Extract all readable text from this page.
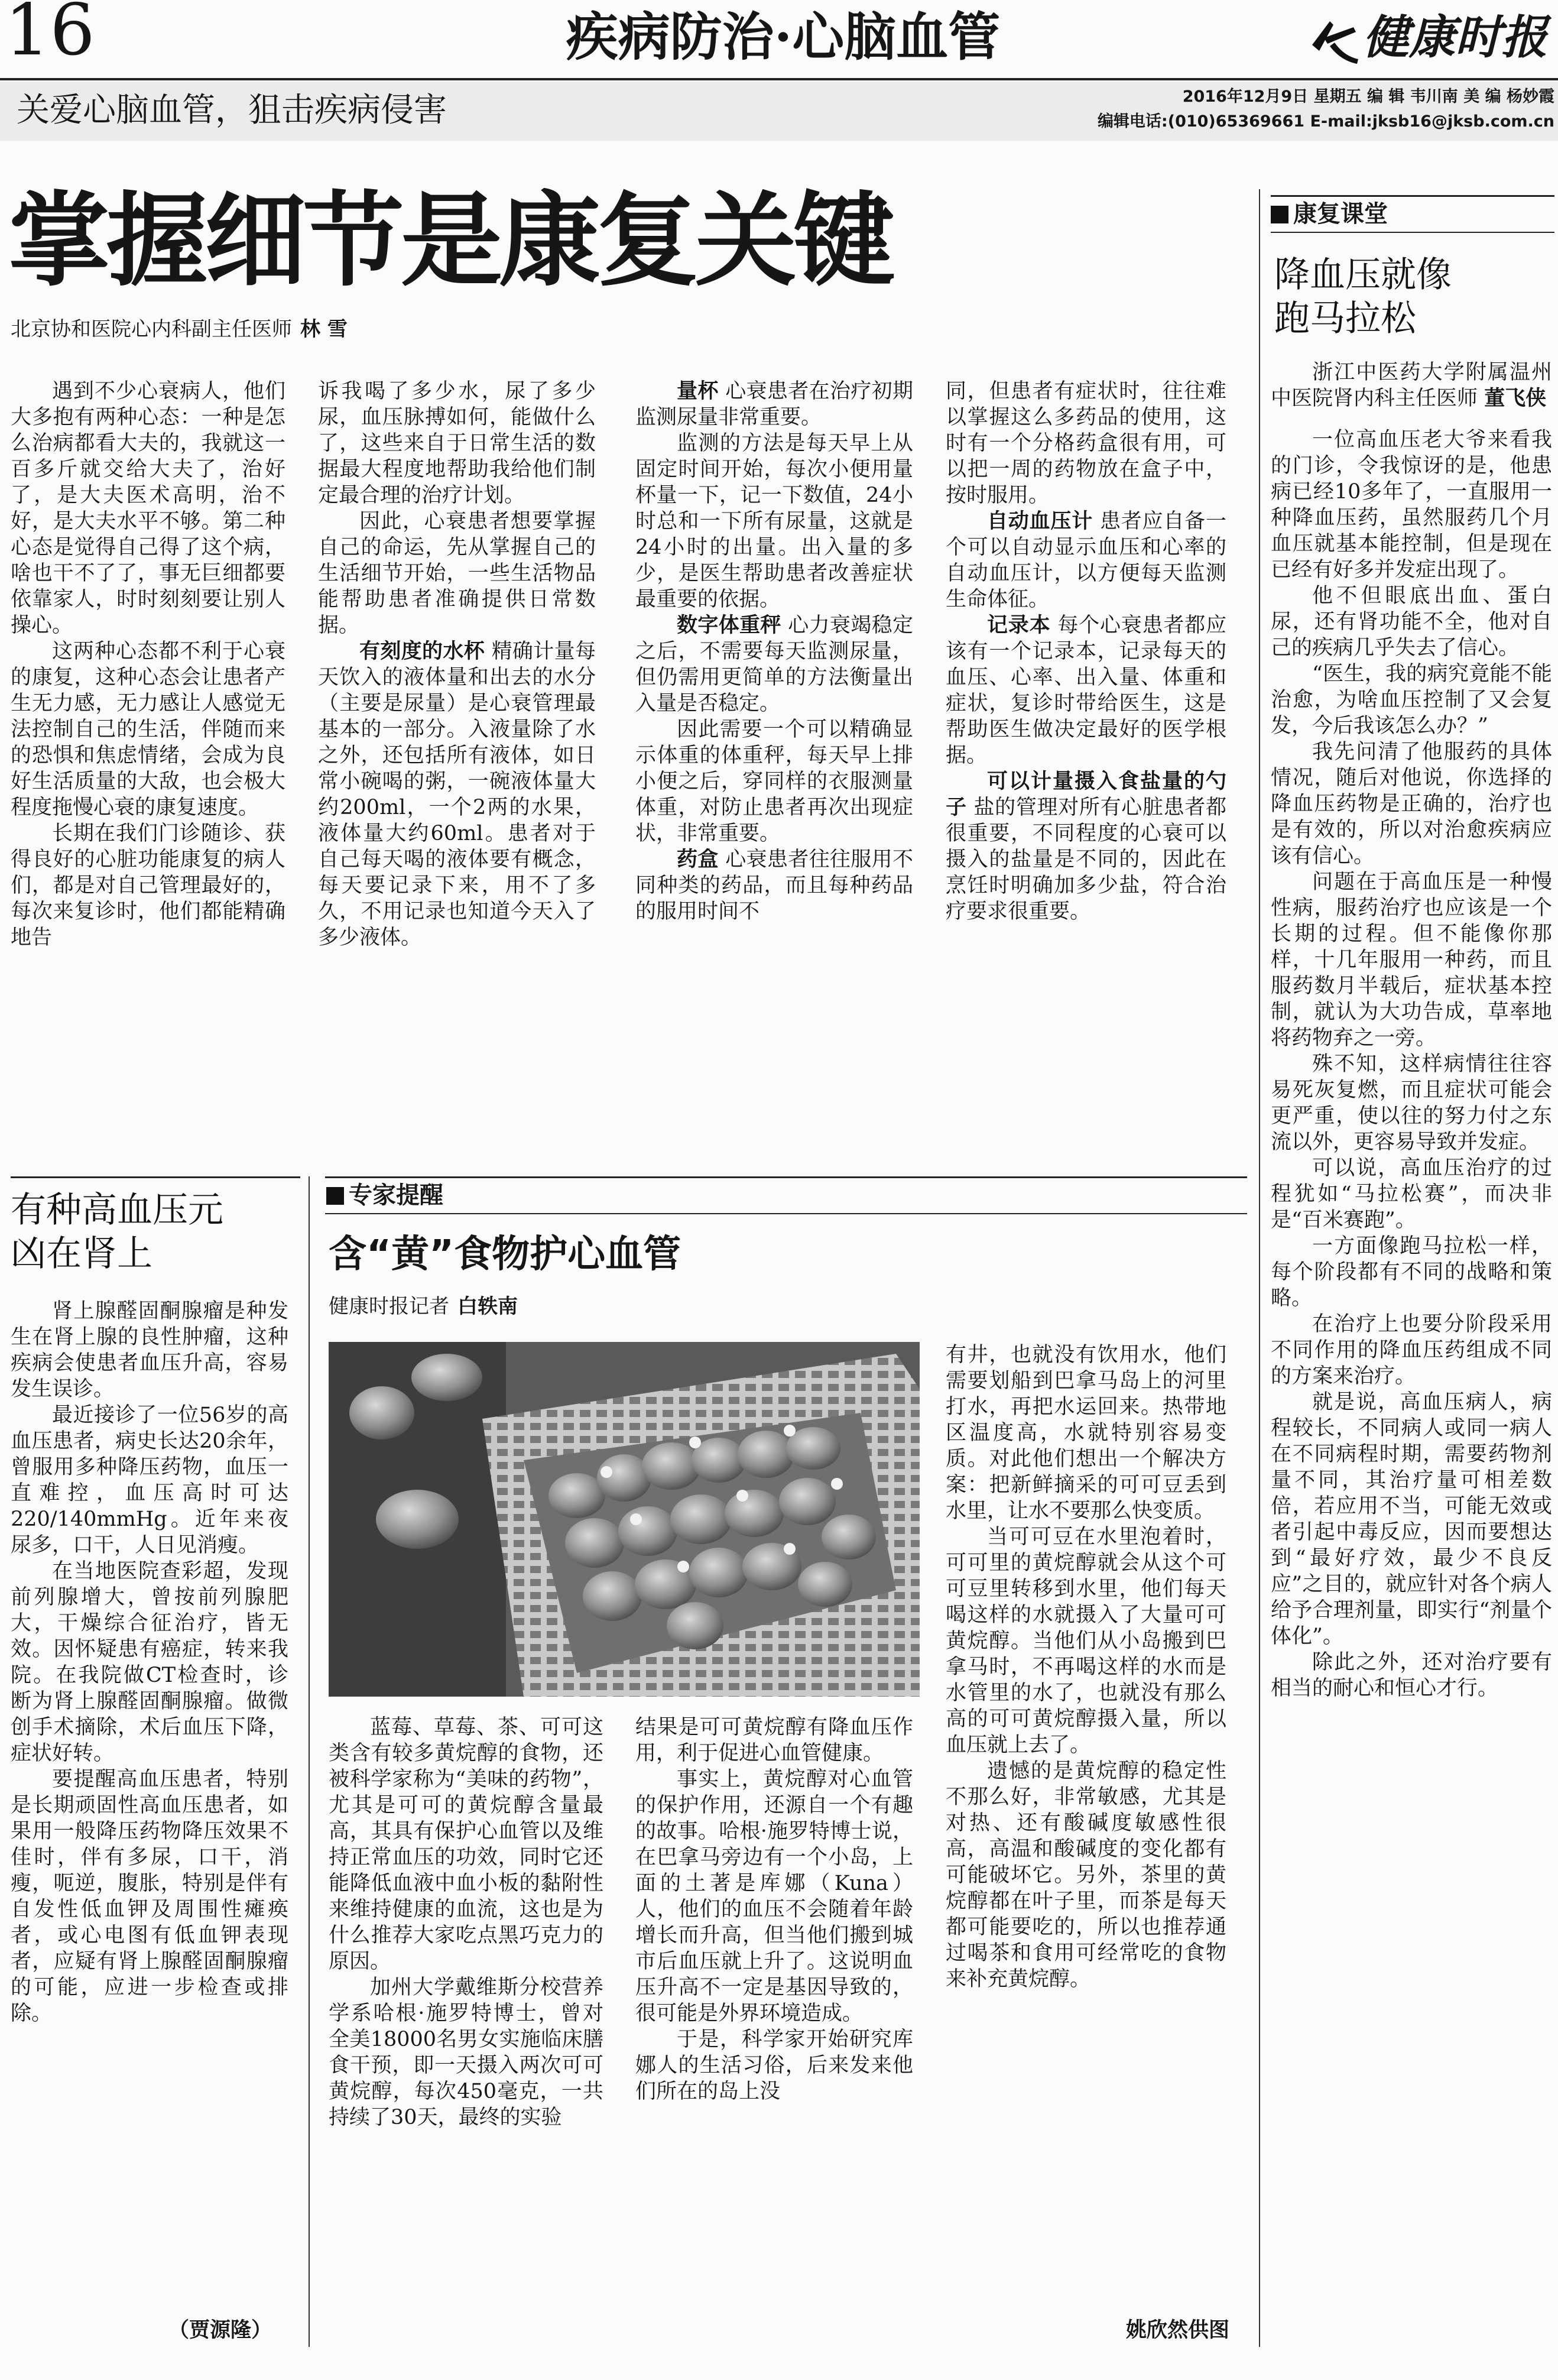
16	疾病防治·心脑血管	健康时报
关爱心脑血管，狙击疾病侵害	2016年12月9日 星期五 编 辑 韦川南 美 编 杨妙霞
编辑电话:(010)65369661 E-mail:jksb16@jksb.com.cn
掌握细节是康复关键
北京协和医院心内科副主任医师 林 雪

遇到不少心衰病人，他们大多抱有两种心态：一种是怎么治病都看大夫的，我就这一百多斤就交给大夫了，治好了，是大夫医术高明，治不好，是大夫水平不够。第二种心态是觉得自己得了这个病，啥也干不了了，事无巨细都要依靠家人，时时刻刻要让别人操心。

这两种心态都不利于心衰的康复，这种心态会让患者产生无力感，无力感让人感觉无法控制自己的生活，伴随而来的恐惧和焦虑情绪，会成为良好生活质量的大敌，也会极大程度拖慢心衰的康复速度。

长期在我们门诊随诊、获得良好的心脏功能康复的病人们，都是对自己管理最好的，每次来复诊时，他们都能精确地告

诉我喝了多少水，尿了多少尿，血压脉搏如何，能做什么了，这些来自于日常生活的数据最大程度地帮助我给他们制定最合理的治疗计划。

因此，心衰患者想要掌握自己的命运，先从掌握自己的生活细节开始，一些生活物品能帮助患者准确提供日常数据。

有刻度的水杯 精确计量每天饮入的液体量和出去的水分（主要是尿量）是心衰管理最基本的一部分。入液量除了水之外，还包括所有液体，如日常小碗喝的粥，一碗液体量大约200ml，一个2两的水果，液体量大约60ml。患者对于自己每天喝的液体要有概念，每天要记录下来，用不了多久，不用记录也知道今天入了多少液体。

量杯 心衰患者在治疗初期监测尿量非常重要。

监测的方法是每天早上从固定时间开始，每次小便用量杯量一下，记一下数值，24小时总和一下所有尿量，这就是24小时的出量。出入量的多少，是医生帮助患者改善症状最重要的依据。

数字体重秤 心力衰竭稳定之后，不需要每天监测尿量，但仍需用更简单的方法衡量出入量是否稳定。

因此需要一个可以精确显示体重的体重秤，每天早上排小便之后，穿同样的衣服测量体重，对防止患者再次出现症状，非常重要。

药盒 心衰患者往往服用不同种类的药品，而且每种药品的服用时间不

同，但患者有症状时，往往难以掌握这么多药品的使用，这时有一个分格药盒很有用，可以把一周的药物放在盒子中，按时服用。

自动血压计 患者应自备一个可以自动显示血压和心率的自动血压计，以方便每天监测生命体征。

记录本 每个心衰患者都应该有一个记录本，记录每天的血压、心率、出入量、体重和症状，复诊时带给医生，这是帮助医生做决定最好的医学根据。

可以计量摄入食盐量的勺子 盐的管理对所有心脏患者都很重要，不同程度的心衰可以摄入的盐量是不同的，因此在烹饪时明确加多少盐，符合治疗要求很重要。

康复课堂
降血压就像跑马拉松

浙江中医药大学附属温州中医院肾内科主任医师 董飞侠

一位高血压老大爷来看我的门诊，令我惊讶的是，他患病已经10多年了，一直服用一种降血压药，虽然服药几个月血压就基本能控制，但是现在已经有好多并发症出现了。

他不但眼底出血、蛋白尿，还有肾功能不全，他对自己的疾病几乎失去了信心。

“医生，我的病究竟能不能治愈，为啥血压控制了又会复发，今后我该怎么办？”

我先问清了他服药的具体情况，随后对他说，你选择的降血压药物是正确的，治疗也是有效的，所以对治愈疾病应该有信心。

问题在于高血压是一种慢性病，服药治疗也应该是一个长期的过程。但不能像你那样，十几年服用一种药，而且服药数月半载后，症状基本控制，就认为大功告成，草率地将药物弃之一旁。

殊不知，这样病情往往容易死灰复燃，而且症状可能会更严重，使以往的努力付之东流以外，更容易导致并发症。

可以说，高血压治疗的过程犹如“马拉松赛”，而决非是“百米赛跑”。

一方面像跑马拉松一样，每个阶段都有不同的战略和策略。

在治疗上也要分阶段采用不同作用的降血压药组成不同的方案来治疗。

就是说，高血压病人，病程较长，不同病人或同一病人在不同病程时期，需要药物剂量不同，其治疗量可相差数倍，若应用不当，可能无效或者引起中毒反应，因而要想达到“最好疗效，最少不良反应”之目的，就应针对各个病人给予合理剂量，即实行“剂量个体化”。

除此之外，还对治疗要有相当的耐心和恒心才行。

有种高血压元凶在肾上

肾上腺醛固酮腺瘤是种发生在肾上腺的良性肿瘤，这种疾病会使患者血压升高，容易发生误诊。

最近接诊了一位56岁的高血压患者，病史长达20余年，曾服用多种降压药物，血压一直难控，血压高时可达220/140mmHg。近年来夜尿多，口干，人日见消瘦。

在当地医院查彩超，发现前列腺增大，曾按前列腺肥大，干燥综合征治疗，皆无效。因怀疑患有癌症，转来我院。在我院做CT检查时，诊断为肾上腺醛固酮腺瘤。做微创手术摘除，术后血压下降，症状好转。

要提醒高血压患者，特别是长期顽固性高血压患者，如果用一般降压药物降压效果不佳时，伴有多尿，口干，消瘦，呃逆，腹胀，特别是伴有自发性低血钾及周围性瘫痪者，或心电图有低血钾表现者，应疑有肾上腺醛固酮腺瘤的可能，应进一步检查或排除。

（贾源隆）
专家提醒
含“黄”食物护心血管
健康时报记者 白轶南

蓝莓、草莓、茶、可可这类含有较多黄烷醇的食物，还被科学家称为“美味的药物”，尤其是可可的黄烷醇含量最高，其具有保护心血管以及维持正常血压的功效，同时它还能降低血液中血小板的黏附性来维持健康的血流，这也是为什么推荐大家吃点黑巧克力的原因。

加州大学戴维斯分校营养学系哈根·施罗特博士，曾对全美18000名男女实施临床膳食干预，即一天摄入两次可可黄烷醇，每次450毫克，一共持续了30天，最终的实验

结果是可可黄烷醇有降血压作用，利于促进心血管健康。

事实上，黄烷醇对心血管的保护作用，还源自一个有趣的故事。哈根·施罗特博士说，在巴拿马旁边有一个小岛，上面的土著是库娜（Kuna）人，他们的血压不会随着年龄增长而升高，但当他们搬到城市后血压就上升了。这说明血压升高不一定是基因导致的，很可能是外界环境造成。

于是，科学家开始研究库娜人的生活习俗，后来发来他们所在的岛上没

有井，也就没有饮用水，他们需要划船到巴拿马岛上的河里打水，再把水运回来。热带地区温度高，水就特别容易变质。对此他们想出一个解决方案：把新鲜摘采的可可豆丢到水里，让水不要那么快变质。

当可可豆在水里泡着时，可可里的黄烷醇就会从这个可可豆里转移到水里，他们每天喝这样的水就摄入了大量可可黄烷醇。当他们从小岛搬到巴拿马时，不再喝这样的水而是水管里的水了，也就没有那么高的可可黄烷醇摄入量，所以血压就上去了。

遗憾的是黄烷醇的稳定性不那么好，非常敏感，尤其是对热、还有酸碱度敏感性很高，高温和酸碱度的变化都有可能破坏它。另外，茶里的黄烷醇都在叶子里，而茶是每天都可能要吃的，所以也推荐通过喝茶和食用可经常吃的食物来补充黄烷醇。

姚欣然供图
